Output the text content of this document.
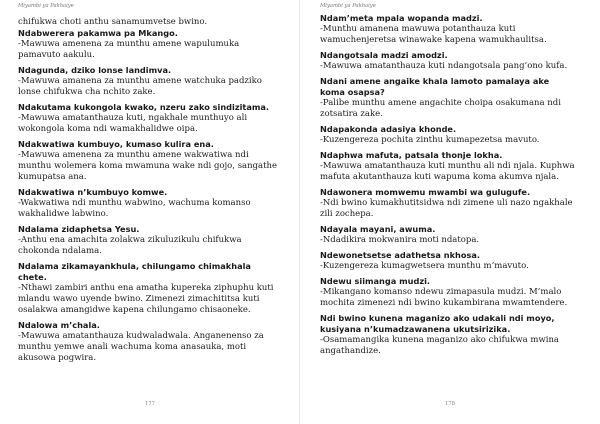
Miyambi ya Pakhaiye
chifukwa choti anthu sanamumvetse bwino.
Ndabwerera pakamwa pa Mkango.
-Mawuwa amenena za munthu amene wapulumuka pamavuto aakulu.
Ndagunda, dziko lonse landimva.
-Mawuwa amanena za munthu amene watchuka padziko lonse chifukwa cha nchito zake.
Ndakutama kukongola kwako, nzeru zako sindizitama.
-Mawuwa amatanthauza kuti, ngakhale munthuyo ali wokongola koma ndi wamakhalidwe oipa.
Ndakwatiwa kumbuyo, kumaso kulira ena.
-Mawuwa amenena za munthu amene wakwatiwa ndi munthu wolemera koma mwamuna wake ndi gojo, sangathe kumupatsa ana.
Ndakwatiwa n’kumbuyo komwe.
-Wakwatiwa ndi munthu wabwino, wachuma komanso wakhalidwe labwino.
Ndalama zidaphetsa Yesu.
-Anthu ena amachita zolakwa zikuluzikulu chifukwa chokonda ndalama.
Ndalama zikamayankhula, chilungamo chimakhala chete.
-Nthawi zambiri anthu ena amatha kupereka ziphuphu kuti mlandu wawo uyende bwino. Zimenezi zimachititsa kuti osalakwa amangidwe kapena chilungamo chisaoneke.
Ndalowa m’chala.
-Mawuwa amatanthauza kudwaladwala. Anganenenso za munthu yemwe anali wachuma koma anasauka, moti akusowa pogwira.
177
Miyambi ya Pakhaiye
Ndam’meta mpala wopanda madzi.
-Munthu amanena mawuwa potanthauza kuti wamuchenjeretsa winawake kapena wamukhaulitsa.
Ndangotsala madzi amodzi.
-Mawuwa amatanthauza kuti ndangotsala pang’ono kufa.
Ndani amene angaike khala lamoto pamalaya ake koma osapsa?
-Palibe munthu amene angachite choipa osakumana ndi zotsatira zake.
Ndapakonda adasiya khonde.
-Kuzengereza pochita zinthu kumapezetsa mavuto.
Ndaphwa mafuta, patsala thonje lokha.
-Mawuwa amatanthauza kuti munthu ali ndi njala. Kuphwa mafuta akutanthauza kuti wapuma koma akumva njala.
Ndawonera momwemu mwambi wa gulugufe.
-Ndi bwino kumakhutitsidwa ndi zimene uli nazo ngakhale zili zochepa.
Ndayala mayani, awuma.
-Ndadikira mokwanira moti ndatopa.
Ndewonetsetse adathetsa nkhosa.
-Kuzengereza kumagwetsera munthu m’mavuto.
Ndewu siimanga mudzi.
-Mikangano komanso ndewu zimapasula mudzi. M’malo mochita zimenezi ndi bwino kukambirana mwamtendere.
Ndi bwino kunena maganizo ako udakali ndi moyo, kusiyana n’kumadzawanena ukutsirizika.
-Osamamangika kunena maganizo ako chifukwa mwina angathandize.
178
